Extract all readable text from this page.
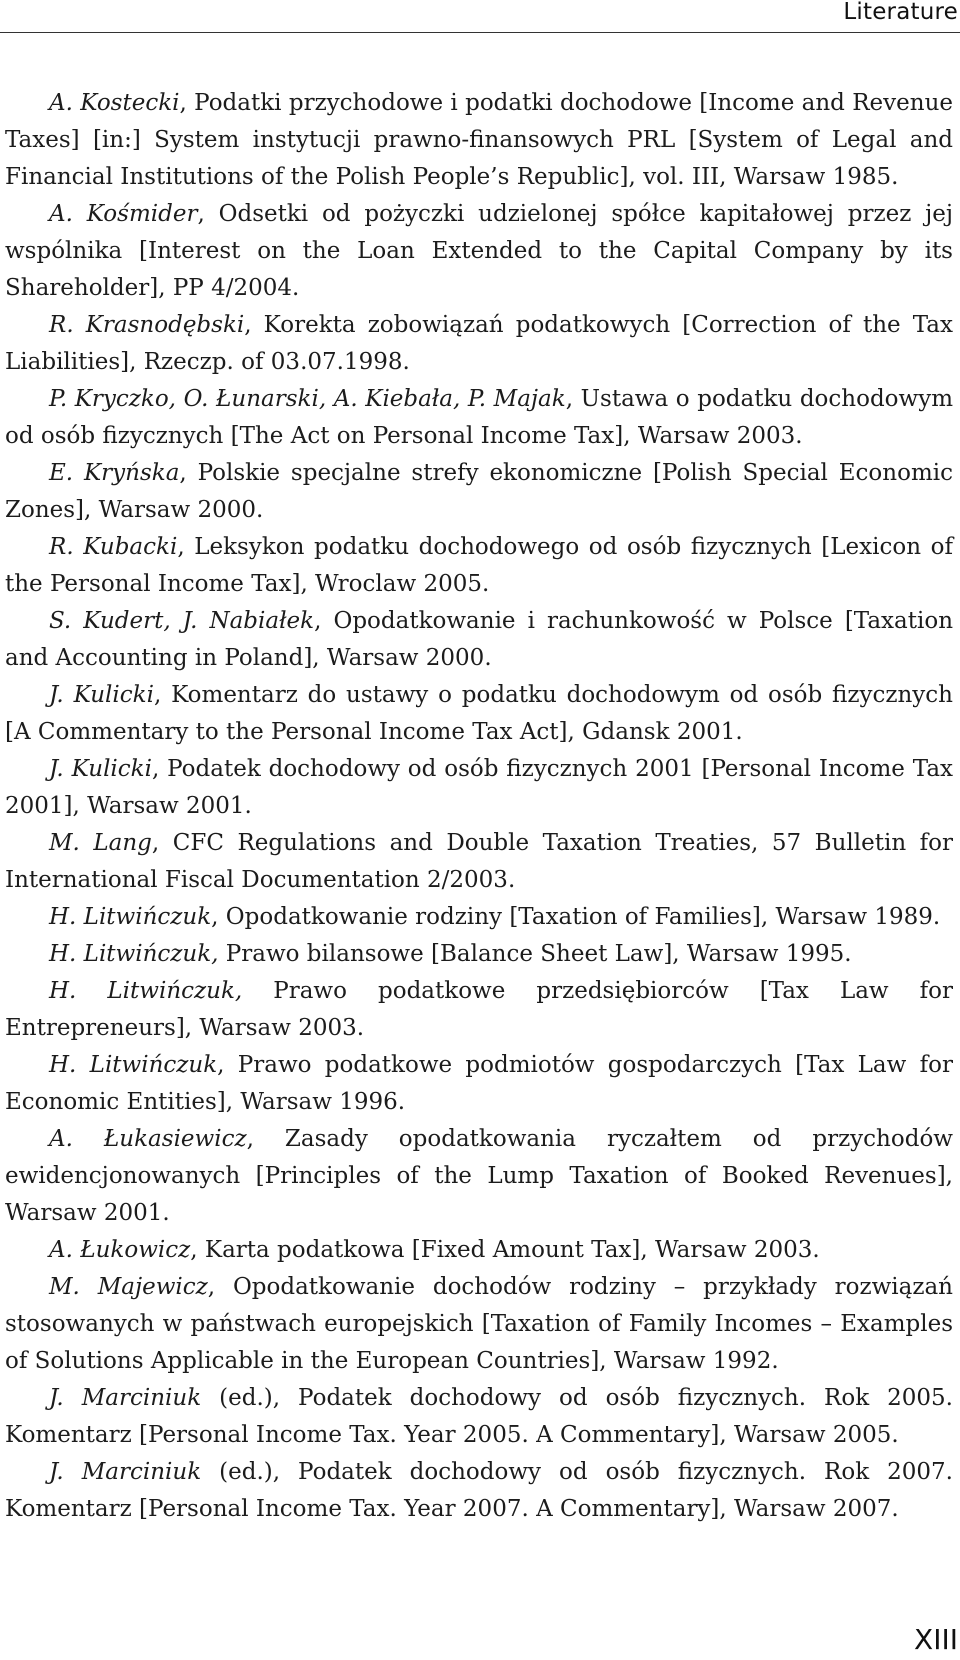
Literature

A. Kostecki, Podatki przychodowe i podatki dochodowe [Income and Revenue Taxes] [in:] System instytucji prawno-finansowych PRL [System of Legal and Financial Institutions of the Polish People’s Republic], vol. III, Warsaw 1985.

A. Kośmider, Odsetki od pożyczki udzielonej spółce kapitałowej przez jej wspólnika [Interest on the Loan Extended to the Capital Company by its Shareholder], PP 4/2004.

R. Krasnodębski, Korekta zobowiązań podatkowych [Correction of the Tax Liabilities], Rzeczp. of 03.07.1998.

P. Kryczko, O. Łunarski, A. Kiebała, P. Majak, Ustawa o podatku dochodowym od osób fizycznych [The Act on Personal Income Tax], Warsaw 2003.

E. Kryńska, Polskie specjalne strefy ekonomiczne [Polish Special Economic Zones], Warsaw 2000.

R. Kubacki, Leksykon podatku dochodowego od osób fizycznych [Lexicon of the Personal Income Tax], Wroclaw 2005.

S. Kudert, J. Nabiałek, Opodatkowanie i rachunkowość w Polsce [Taxation and Accounting in Poland], Warsaw 2000.

J. Kulicki, Komentarz do ustawy o podatku dochodowym od osób fizycznych [A Commentary to the Personal Income Tax Act], Gdansk 2001.

J. Kulicki, Podatek dochodowy od osób fizycznych 2001 [Personal Income Tax 2001], Warsaw 2001.

M. Lang, CFC Regulations and Double Taxation Treaties, 57 Bulletin for International Fiscal Documentation 2/2003.

H. Litwińczuk, Opodatkowanie rodziny [Taxation of Families], Warsaw 1989.

H. Litwińczuk, Prawo bilansowe [Balance Sheet Law], Warsaw 1995.

H. Litwińczuk, Prawo podatkowe przedsiębiorców [Tax Law for Entrepreneurs], Warsaw 2003.

H. Litwińczuk, Prawo podatkowe podmiotów gospodarczych [Tax Law for Economic Entities], Warsaw 1996.

A. Łukasiewicz, Zasady opodatkowania ryczałtem od przychodów ewidencjonowanych [Principles of the Lump Taxation of Booked Revenues], Warsaw 2001.

A. Łukowicz, Karta podatkowa [Fixed Amount Tax], Warsaw 2003.

M. Majewicz, Opodatkowanie dochodów rodziny – przykłady rozwiązań stosowanych w państwach europejskich [Taxation of Family Incomes – Examples of Solutions Applicable in the European Countries], Warsaw 1992.

J. Marciniuk (ed.), Podatek dochodowy od osób fizycznych. Rok 2005. Komentarz [Personal Income Tax. Year 2005. A Commentary], Warsaw 2005.

J. Marciniuk (ed.), Podatek dochodowy od osób fizycznych. Rok 2007. Komentarz [Personal Income Tax. Year 2007. A Commentary], Warsaw 2007.

XIII
